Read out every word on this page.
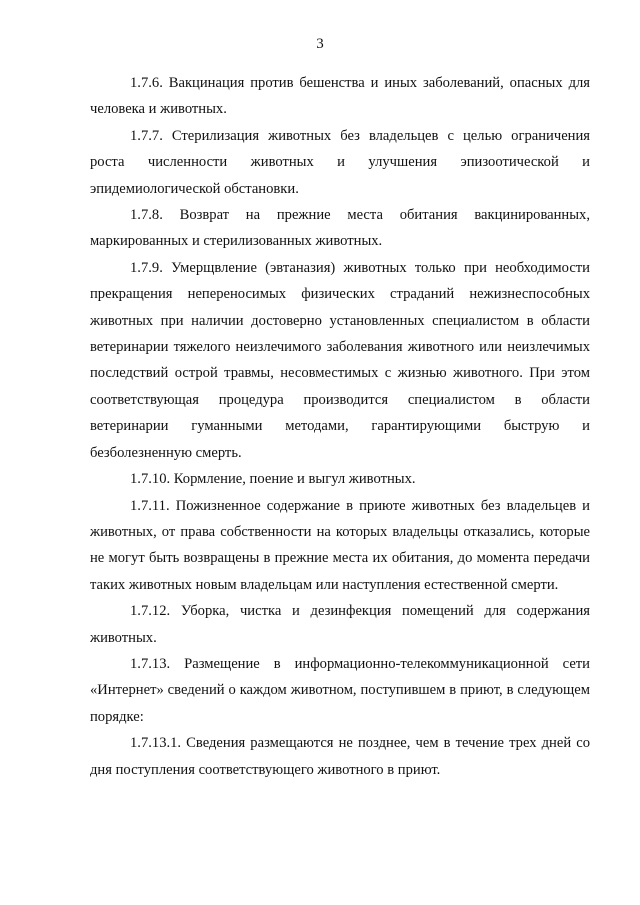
3

1.7.6. Вакцинация против бешенства и иных заболеваний, опасных для человека и животных.

1.7.7. Стерилизация животных без владельцев с целью ограничения роста численности животных и улучшения эпизоотической и эпидемиологической обстановки.

1.7.8. Возврат на прежние места обитания вакцинированных, маркированных и стерилизованных животных.

1.7.9. Умерщвление (эвтаназия) животных только при необходимости прекращения непереносимых физических страданий нежизнеспособных животных при наличии достоверно установленных специалистом в области ветеринарии тяжелого неизлечимого заболевания животного или неизлечимых последствий острой травмы, несовместимых с жизнью животного. При этом соответствующая процедура производится специалистом в области ветеринарии гуманными методами, гарантирующими быструю и безболезненную смерть.

1.7.10. Кормление, поение и выгул животных.

1.7.11. Пожизненное содержание в приюте животных без владельцев и животных, от права собственности на которых владельцы отказались, которые не могут быть возвращены в прежние места их обитания, до момента передачи таких животных новым владельцам или наступления естественной смерти.

1.7.12. Уборка, чистка и дезинфекция помещений для содержания животных.

1.7.13. Размещение в информационно-телекоммуникационной сети «Интернет» сведений о каждом животном, поступившем в приют, в следующем порядке:

1.7.13.1. Сведения размещаются не позднее, чем в течение трех дней со дня поступления соответствующего животного в приют.
